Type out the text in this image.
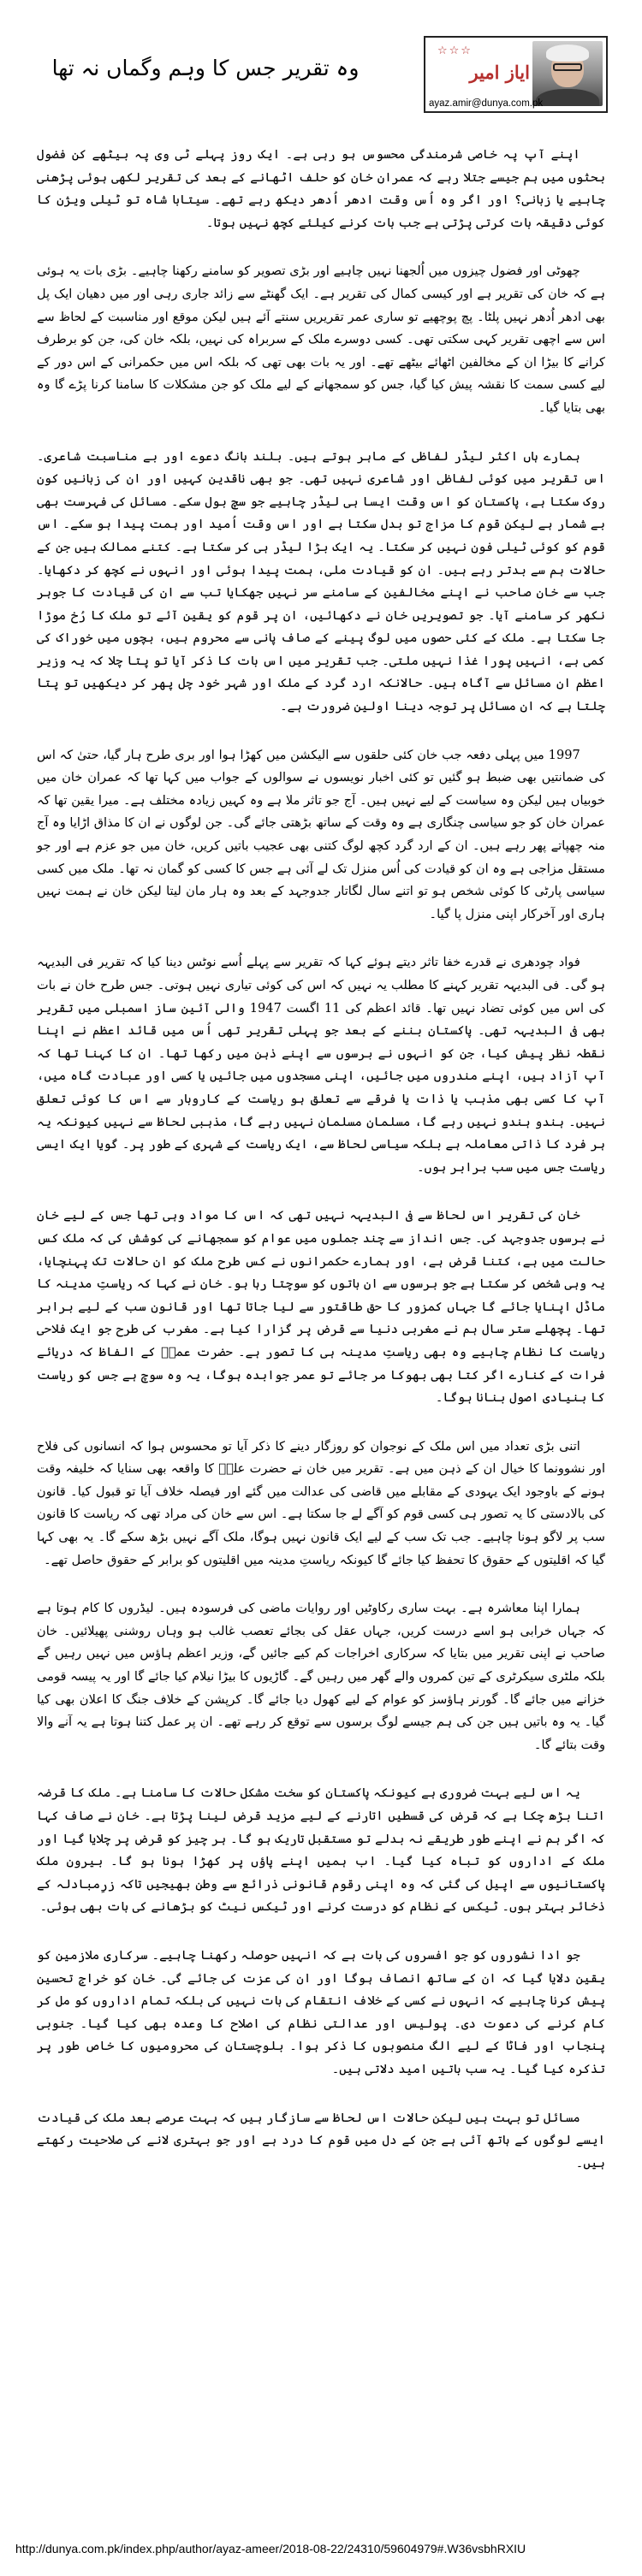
وہ تقریر جس کا وہم وگماں نہ تھا
☆☆☆
ایاز امیر
ayaz.amir@dunya.com.pk

اپنے آپ پہ خاصی شرمندگی محسوس ہو رہی ہے۔ ایک روز پہلے ٹی وی پہ بیٹھے کن فضول بحثوں میں ہم جیسے جتلا رہے کہ عمران خان کو حلف اٹھانے کے بعد کی تقریر لکھی ہوئی پڑھنی چاہیے یا زبانی؟ اور اگر وہ اُس وقت ادھر اُدھر دیکھ رہے تھے۔ سیتابا شاہ تو ٹیلی ویژن کا کوئی دقیقہ بات کرتی پڑتی ہے جب بات کرنے کیلئے کچھ نہیں ہوتا۔

چھوٹی اور فضول چیزوں میں اُلجھنا نہیں چاہیے اور بڑی تصویر کو سامنے رکھنا چاہیے۔ بڑی بات یہ ہوئی ہے کہ خان کی تقریر ہے اور کیسی کمال کی تقریر ہے۔ ایک گھنٹے سے زائد جاری رہی اور میں دھیان ایک پل بھی ادھر اُدھر نہیں پلٹا۔ پچ پوچھیے تو ساری عمر تقریریں سنتے آئے ہیں لیکن موقع اور مناسبت کے لحاظ سے اس سے اچھی تقریر کہی سکتی تھی۔ کسی دوسرے ملک کے سربراہ کی نہیں، بلکہ خان کی، جن کو برطرف کرانے کا بیڑا ان کے مخالفین اٹھائے بیٹھے تھے۔ اور یہ بات بھی تھی کہ بلکہ اس میں حکمرانی کے اس دور کے لیے کسی سمت کا نقشہ پیش کیا گیا، جس کو سمجھانے کے لیے ملک کو جن مشکلات کا سامنا کرنا پڑے گا وہ بھی بتایا گیا۔

ہمارے ہاں اکثر لیڈر لفاظی کے ماہر ہوتے ہیں۔ بلند بانگ دعوے اور بے مناسبت شاعری۔ اس تقریر میں کوئی لفاظی اور شاعری نہیں تھی۔ جو بھی ناقدین کہیں اور ان کی زبانیں کون روک سکتا ہے، پاکستان کو اس وقت ایسا ہی لیڈر چاہیے جو سچ بول سکے۔ مسائل کی فہرست بھی بے شمار ہے لیکن قوم کا مزاج تو بدل سکتا ہے اور اس وقت اُمید اور ہمت پیدا ہو سکے۔ اس قوم کو کوئی ٹیلی فون نہیں کر سکتا۔ یہ ایک بڑا لیڈر ہی کر سکتا ہے۔ کتنے ممالک ہیں جن کے حالات ہم سے بدتر رہے ہیں۔ ان کو قیادت ملی، ہمت پیدا ہوئی اور انہوں نے کچھ کر دکھایا۔ جب سے خان صاحب نے اپنے مخالفین کے سامنے سر نہیں جھکایا تب سے ان کی قیادت کا جوہر نکھر کر سامنے آیا۔ جو تصویریں خان نے دکھائیں، ان پر قوم کو یقین آئے تو ملک کا رُخ موڑا جا سکتا ہے۔ ملک کے کئی حصوں میں لوگ پینے کے صاف پانی سے محروم ہیں، بچوں میں خوراک کی کمی ہے، انہیں پورا غذا نہیں ملتی۔ جب تقریر میں اس بات کا ذکر آیا تو پتا چلا کہ یہ وزیر اعظم ان مسائل سے آگاہ ہیں۔ حالانکہ ارد گرد کے ملک اور شہر خود چل پھر کر دیکھیں تو پتا چلتا ہے کہ ان مسائل پر توجہ دینا اولین ضرورت ہے۔

1997 میں پہلی دفعہ جب خان کئی حلقوں سے الیکشن میں کھڑا ہوا اور بری طرح ہار گیا، حتیٰ کہ اس کی ضمانتیں بھی ضبط ہو گئیں تو کئی اخبار نویسوں نے سوالوں کے جواب میں کہا تھا کہ عمران خان میں خوبیاں ہیں لیکن وہ سیاست کے لیے نہیں ہیں۔ آج جو تاثر ملا ہے وہ کہیں زیادہ مختلف ہے۔ میرا یقین تھا کہ عمران خان کو جو سیاسی چنگاری ہے وہ وقت کے ساتھ بڑھتی جائے گی۔ جن لوگوں نے ان کا مذاق اڑایا وہ آج منہ چھپاتے پھر رہے ہیں۔ ان کے ارد گرد کچھ لوگ کتنی بھی عجیب باتیں کریں، خان میں جو عزم ہے اور جو مستقل مزاجی ہے وہ ان کو قیادت کی اُس منزل تک لے آئی ہے جس کا کسی کو گمان نہ تھا۔ ملک میں کسی سیاسی پارٹی کا کوئی شخص ہو تو اتنے سال لگاتار جدوجہد کے بعد وہ ہار مان لیتا لیکن خان نے ہمت نہیں ہاری اور آخرکار اپنی منزل پا گیا۔

فواد چودھری نے قدرے خفا تاثر دیتے ہوئے کہا کہ تقریر سے پہلے اُسے نوٹس دینا کیا کہ تقریر فی البدیہہ ہو گی۔ فی البدیہہ تقریر کہنے کا مطلب یہ نہیں کہ اس کی کوئی تیاری نہیں ہوتی۔ جس طرح خان نے بات کی اس میں کوئی تضاد نہیں تھا۔ قائد اعظم کی 11 اگست 1947 والی آئین ساز اسمبلی میں تقریر بھی فی البدیہہ تھی۔ پاکستان بننے کے بعد جو پہلی تقریر تھی اُس میں قائد اعظم نے اپنا نقطہ نظر پیش کیا، جن کو انہوں نے برسوں سے اپنے ذہن میں رکھا تھا۔ ان کا کہنا تھا کہ آپ آزاد ہیں، اپنے مندروں میں جائیں، اپنی مسجدوں میں جائیں یا کسی اور عبادت گاہ میں، آپ کا کسی بھی مذہب یا ذات یا فرقے سے تعلق ہو ریاست کے کاروبار سے اس کا کوئی تعلق نہیں۔ ہندو ہندو نہیں رہے گا، مسلمان مسلمان نہیں رہے گا، مذہبی لحاظ سے نہیں کیونکہ یہ ہر فرد کا ذاتی معاملہ ہے بلکہ سیاسی لحاظ سے، ایک ریاست کے شہری کے طور پر۔ گویا ایک ایسی ریاست جس میں سب برابر ہوں۔

خان کی تقریر اس لحاظ سے فی البدیہہ نہیں تھی کہ اس کا مواد وہی تھا جس کے لیے خان نے برسوں جدوجہد کی۔ جس انداز سے چند جملوں میں عوام کو سمجھانے کی کوشش کی کہ ملک کس حالت میں ہے، کتنا قرض ہے، اور ہمارے حکمرانوں نے کس طرح ملک کو ان حالات تک پہنچایا، یہ وہی شخص کر سکتا ہے جو برسوں سے ان باتوں کو سوچتا رہا ہو۔ خان نے کہا کہ ریاستِ مدینہ کا ماڈل اپنایا جائے گا جہاں کمزور کا حق طاقتور سے لیا جاتا تھا اور قانون سب کے لیے برابر تھا۔ پچھلے ستر سال ہم نے مغربی دنیا سے قرض پر گزارا کیا ہے۔ مغرب کی طرح جو ایک فلاحی ریاست کا نظام چاہیے وہ بھی ریاستِ مدینہ ہی کا تصور ہے۔ حضرت عمرؓ کے الفاظ کہ دریائے فرات کے کنارے اگر کتا بھی بھوکا مر جائے تو عمر جوابدہ ہوگا، یہ وہ سوچ ہے جس کو ریاست کا بنیادی اصول بنانا ہوگا۔

اتنی بڑی تعداد میں اس ملک کے نوجوان کو روزگار دینے کا ذکر آیا تو محسوس ہوا کہ انسانوں کی فلاح اور نشوونما کا خیال ان کے ذہن میں ہے۔ تقریر میں خان نے حضرت علیؓ کا واقعہ بھی سنایا کہ خلیفہ وقت ہونے کے باوجود ایک یہودی کے مقابلے میں قاضی کی عدالت میں گئے اور فیصلہ خلاف آیا تو قبول کیا۔ قانون کی بالادستی کا یہ تصور ہی کسی قوم کو آگے لے جا سکتا ہے۔ اس سے خان کی مراد تھی کہ ریاست کا قانون سب پر لاگو ہونا چاہیے۔ جب تک سب کے لیے ایک قانون نہیں ہوگا، ملک آگے نہیں بڑھ سکے گا۔ یہ بھی کہا گیا کہ اقلیتوں کے حقوق کا تحفظ کیا جائے گا کیونکہ ریاستِ مدینہ میں اقلیتوں کو برابر کے حقوق حاصل تھے۔

ہمارا اپنا معاشرہ ہے۔ بہت ساری رکاوٹیں اور روایات ماضی کی فرسودہ ہیں۔ لیڈروں کا کام ہوتا ہے کہ جہاں خرابی ہو اسے درست کریں، جہاں عقل کی بجائے تعصب غالب ہو وہاں روشنی پھیلائیں۔ خان صاحب نے اپنی تقریر میں بتایا کہ سرکاری اخراجات کم کیے جائیں گے، وزیر اعظم ہاؤس میں نہیں رہیں گے بلکہ ملٹری سیکرٹری کے تین کمروں والے گھر میں رہیں گے۔ گاڑیوں کا بیڑا نیلام کیا جائے گا اور یہ پیسہ قومی خزانے میں جائے گا۔ گورنر ہاؤسز کو عوام کے لیے کھول دیا جائے گا۔ کرپشن کے خلاف جنگ کا اعلان بھی کیا گیا۔ یہ وہ باتیں ہیں جن کی ہم جیسے لوگ برسوں سے توقع کر رہے تھے۔ ان پر عمل کتنا ہوتا ہے یہ آنے والا وقت بتائے گا۔

یہ اس لیے بہت ضروری ہے کیونکہ پاکستان کو سخت مشکل حالات کا سامنا ہے۔ ملک کا قرضہ اتنا بڑھ چکا ہے کہ قرض کی قسطیں اتارنے کے لیے مزید قرض لینا پڑتا ہے۔ خان نے صاف کہا کہ اگر ہم نے اپنے طور طریقے نہ بدلے تو مستقبل تاریک ہو گا۔ ہر چیز کو قرض پر چلایا گیا اور ملک کے اداروں کو تباہ کیا گیا۔ اب ہمیں اپنے پاؤں پر کھڑا ہونا ہو گا۔ بیرون ملک پاکستانیوں سے اپیل کی گئی کہ وہ اپنی رقوم قانونی ذرائع سے وطن بھیجیں تاکہ زرِمبادلہ کے ذخائر بہتر ہوں۔ ٹیکس کے نظام کو درست کرنے اور ٹیکس نیٹ کو بڑھانے کی بات بھی ہوئی۔

جو ادا نشوروں کو جو افسروں کی بات ہے کہ انہیں حوصلہ رکھنا چاہیے۔ سرکاری ملازمین کو یقین دلایا گیا کہ ان کے ساتھ انصاف ہوگا اور ان کی عزت کی جائے گی۔ خان کو خراجِ تحسین پیش کرنا چاہیے کہ انہوں نے کسی کے خلاف انتقام کی بات نہیں کی بلکہ تمام اداروں کو مل کر کام کرنے کی دعوت دی۔ پولیس اور عدالتی نظام کی اصلاح کا وعدہ بھی کیا گیا۔ جنوبی پنجاب اور فاٹا کے لیے الگ منصوبوں کا ذکر ہوا۔ بلوچستان کی محرومیوں کا خاص طور پر تذکرہ کیا گیا۔ یہ سب باتیں امید دلاتی ہیں۔

مسائل تو بہت ہیں لیکن حالات اس لحاظ سے سازگار ہیں کہ بہت عرصے بعد ملک کی قیادت ایسے لوگوں کے ہاتھ آئی ہے جن کے دل میں قوم کا درد ہے اور جو بہتری لانے کی صلاحیت رکھتے ہیں۔

http://dunya.com.pk/index.php/author/ayaz-ameer/2018-08-22/24310/59604979#.W36vsbhRXIU
